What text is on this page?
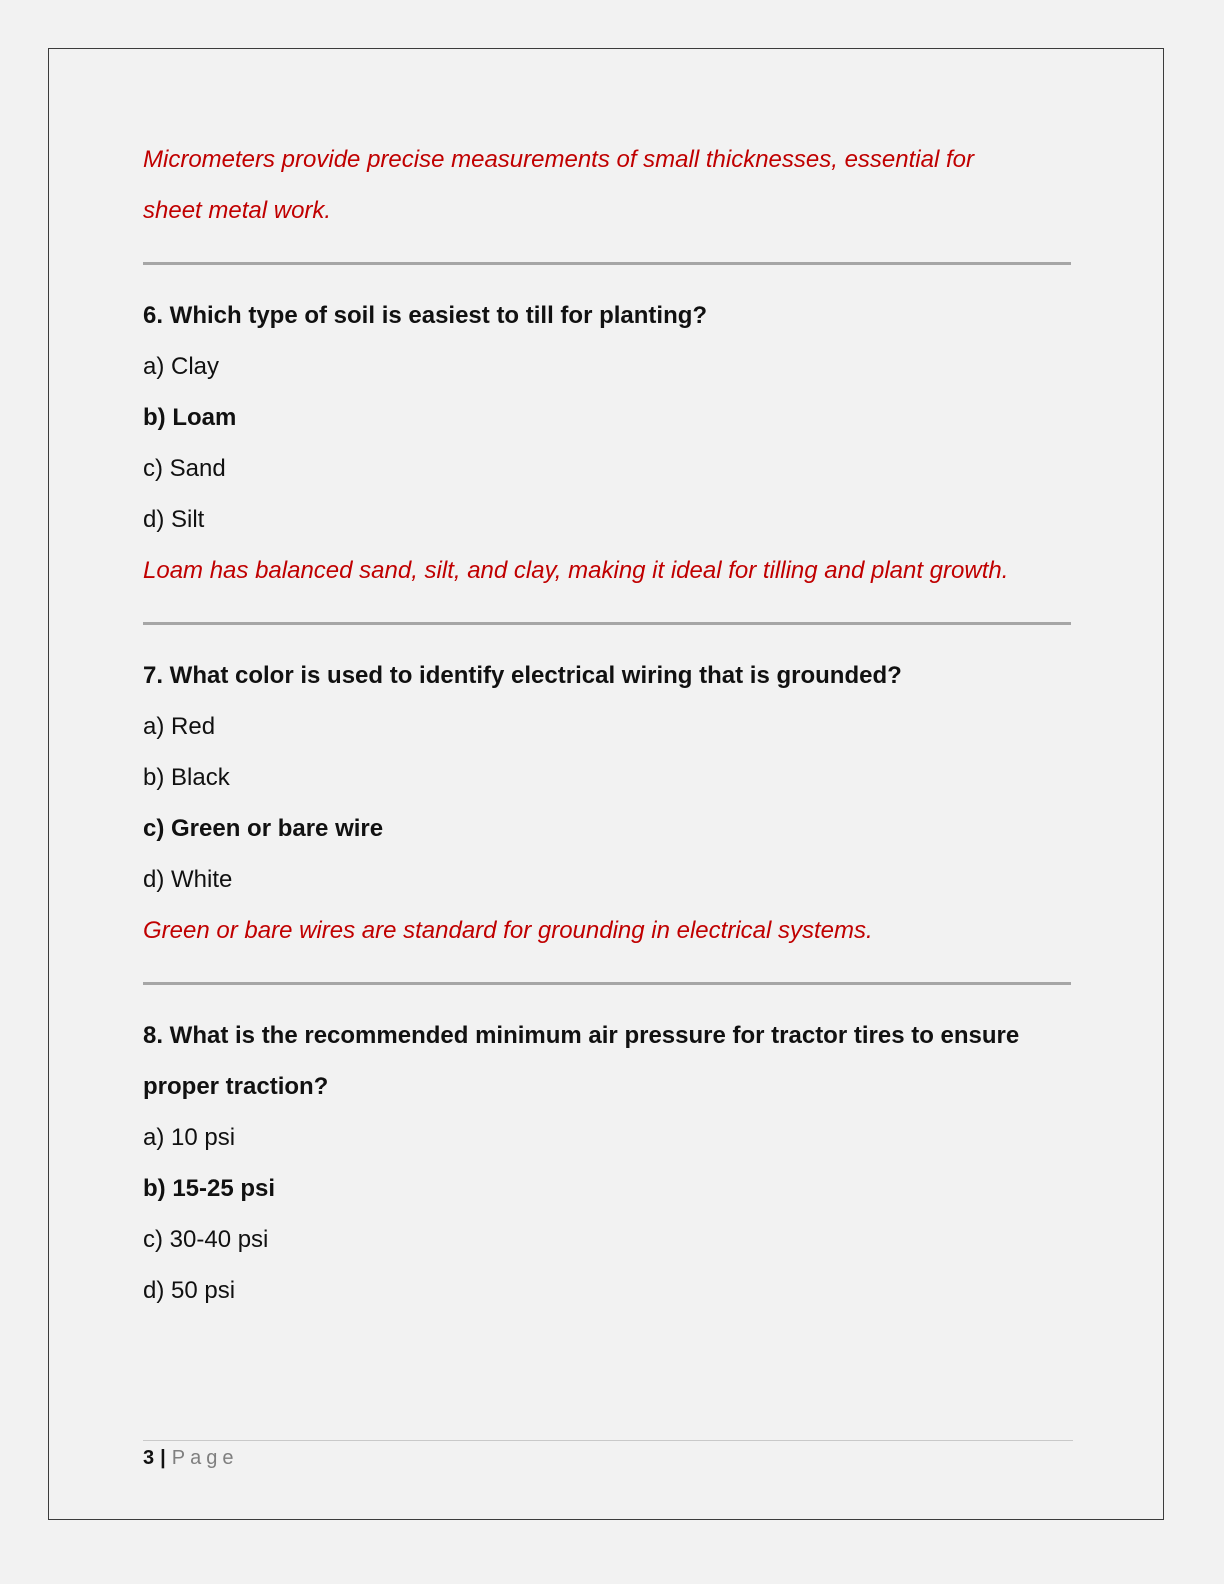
Micrometers provide precise measurements of small thicknesses, essential for
sheet metal work.
6. Which type of soil is easiest to till for planting?
a) Clay
b) Loam
c) Sand
d) Silt
Loam has balanced sand, silt, and clay, making it ideal for tilling and plant growth.
7. What color is used to identify electrical wiring that is grounded?
a) Red
b) Black
c) Green or bare wire
d) White
Green or bare wires are standard for grounding in electrical systems.
8. What is the recommended minimum air pressure for tractor tires to ensure
proper traction?
a) 10 psi
b) 15-25 psi
c) 30-40 psi
d) 50 psi
3 | Page
